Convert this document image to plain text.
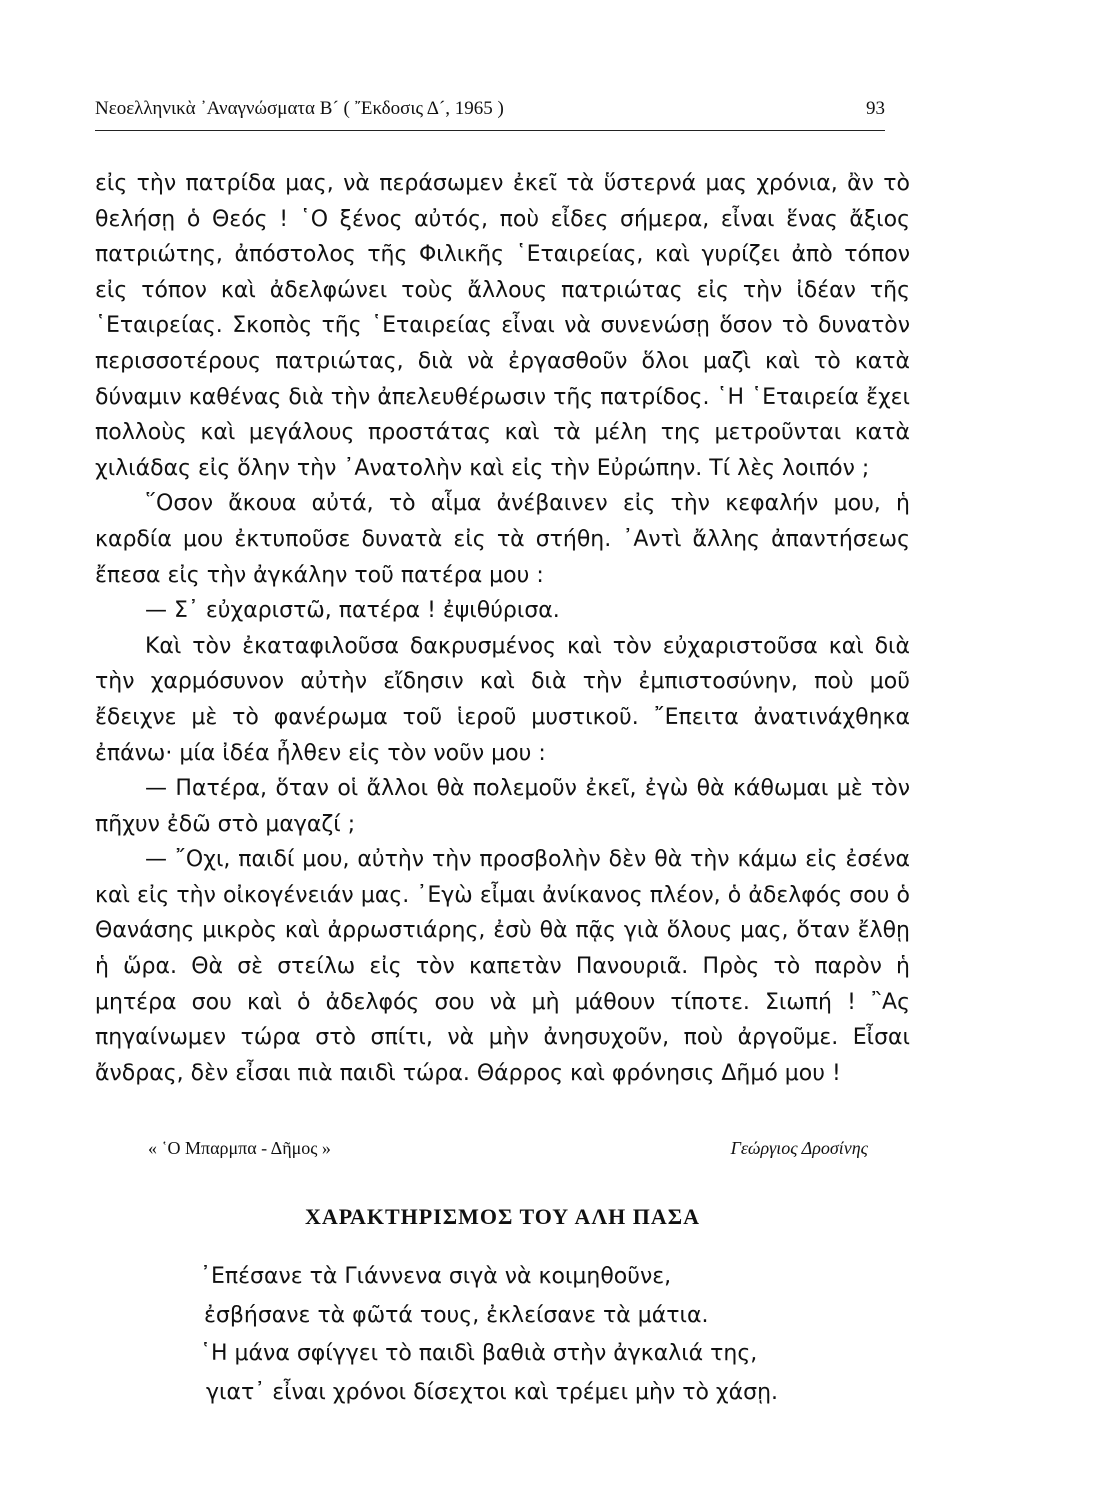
Νεοελληνικὰ ᾿Αναγνώσματα Β´ ( ῎Εκδοσις Δ´, 1965 )	93

εἰς τὴν πατρίδα μας, νὰ περάσωμεν ἐκεῖ τὰ ὕστερνά μας χρόνια, ἂν τὸ θελήσῃ ὁ Θεός ! ῾Ο ξένος αὐτός, ποὺ εἶδες σήμερα, εἶναι ἕνας ἄξιος πατριώτης, ἀπόστολος τῆς Φιλικῆς ῾Εταιρείας, καὶ γυρίζει ἀπὸ τόπον εἰς τόπον καὶ ἀδελφώνει τοὺς ἄλλους πατριώτας εἰς τὴν ἰδέαν τῆς ῾Εταιρείας. Σκοπὸς τῆς ῾Εταιρείας εἶναι νὰ συνενώσῃ ὅσον τὸ δυνατὸν περισσοτέρους πατριώτας, διὰ νὰ ἐργασθοῦν ὅλοι μαζὶ καὶ τὸ κατὰ δύναμιν καθένας διὰ τὴν ἀπελευθέρωσιν τῆς πατρίδος. ῾Η ῾Εταιρεία ἔχει πολλοὺς καὶ μεγάλους προστάτας καὶ τὰ μέλη της μετροῦνται κατὰ χιλιάδας εἰς ὅλην τὴν ᾿Ανατολὴν καὶ εἰς τὴν Εὐρώπην. Τί λὲς λοιπόν ;

῞Οσον ἄκουα αὐτά, τὸ αἷμα ἀνέβαινεν εἰς τὴν κεφαλήν μου, ἡ καρδία μου ἐκτυποῦσε δυνατὰ εἰς τὰ στήθη. ᾿Αντὶ ἄλλης ἀπαντήσεως ἔπεσα εἰς τὴν ἀγκάλην τοῦ πατέρα μου :

— Σ᾿ εὐχαριστῶ, πατέρα ! ἐψιθύρισα.

Καὶ τὸν ἐκαταφιλοῦσα δακρυσμένος καὶ τὸν εὐχαριστοῦσα καὶ διὰ τὴν χαρμόσυνον αὐτὴν εἴδησιν καὶ διὰ τὴν ἐμπιστοσύνην, ποὺ μοῦ ἔδειχνε μὲ τὸ φανέρωμα τοῦ ἱεροῦ μυστικοῦ. ῎Επειτα ἀνατινάχθηκα ἐπάνω· μία ἰδέα ἦλθεν εἰς τὸν νοῦν μου :

— Πατέρα, ὅταν οἱ ἄλλοι θὰ πολεμοῦν ἐκεῖ, ἐγὼ θὰ κάθωμαι μὲ τὸν πῆχυν ἐδῶ στὸ μαγαζί ;

— ῎Οχι, παιδί μου, αὐτὴν τὴν προσβολὴν δὲν θὰ τὴν κάμω εἰς ἐσένα καὶ εἰς τὴν οἰκογένειάν μας. ᾿Εγὼ εἶμαι ἀνίκανος πλέον, ὁ ἀδελφός σου ὁ Θανάσης μικρὸς καὶ ἀρρωστιάρης, ἐσὺ θὰ πᾷς γιὰ ὅλους μας, ὅταν ἔλθῃ ἡ ὥρα. Θὰ σὲ στείλω εἰς τὸν καπετὰν Πανουριᾶ. Πρὸς τὸ παρὸν ἡ μητέρα σου καὶ ὁ ἀδελφός σου νὰ μὴ μάθουν τίποτε. Σιωπή ! ῍Ας πηγαίνωμεν τώρα στὸ σπίτι, νὰ μὴν ἀνησυχοῦν, ποὺ ἀργοῦμε. Εἶσαι ἄνδρας, δὲν εἶσαι πιὰ παιδὶ τώρα. Θάρρος καὶ φρόνησις Δῆμό μου !

« ῾Ο Μπαρμπα - Δῆμος »	Γεώργιος Δροσίνης
ΧΑΡΑΚΤΗΡΙΣΜΟΣ ΤΟΥ ΑΛΗ ΠΑΣΑ
᾿Επέσανε τὰ Γιάννενα σιγὰ νὰ κοιμηθοῦνε,
ἐσβήσανε τὰ φῶτά τους, ἐκλείσανε τὰ μάτια.
῾Η μάνα σφίγγει τὸ παιδὶ βαθιὰ στὴν ἀγκαλιά της,
γιατ᾿ εἶναι χρόνοι δίσεχτοι καὶ τρέμει μὴν τὸ χάσῃ.
